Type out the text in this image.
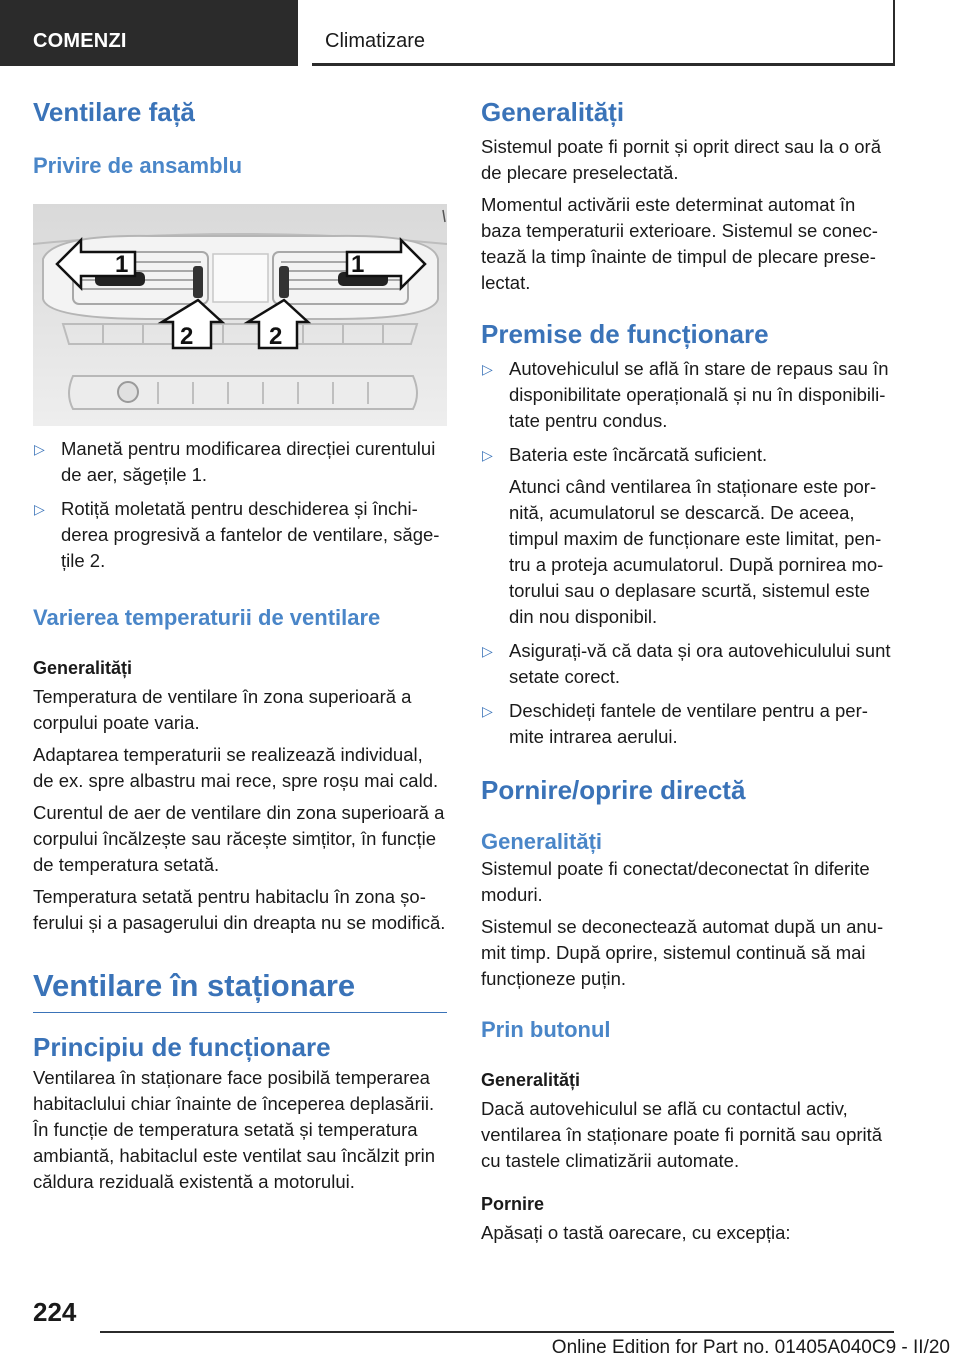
COMENZI	Climatizare
Ventilare față
Privire de ansamblu
1	1
2	2
▷ Manetă pentru modificarea direcției curentului de aer, săgețile 1.
▷ Rotiță moletată pentru deschiderea și închiderea progresivă a fantelor de ventilare, săgețile 2.
Varierea temperaturii de ventilare
Generalități

Temperatura de ventilare în zona superioară a corpului poate varia.

Adaptarea temperaturii se realizează individual, de ex. spre albastru mai rece, spre roșu mai cald.

Curentul de aer de ventilare din zona superioară a corpului încălzește sau răcește simțitor, în funcție de temperatura setată.

Temperatura setată pentru habitaclu în zona șoferului și a pasagerului din dreapta nu se modifică.

Ventilare în staționare
Principiu de funcționare

Ventilarea în staționare face posibilă temperarea habitaclului chiar înainte de începerea deplasării. În funcție de temperatura setată și temperatura ambiantă, habitaclul este ventilat sau încălzit prin căldura reziduală existentă a motorului.

Generalități

Sistemul poate fi pornit și oprit direct sau la o oră de plecare preselectată.

Momentul activării este determinat automat în baza temperaturii exterioare. Sistemul se conectează la timp înainte de timpul de plecare preselectat.

Premise de funcționare
▷ Autovehiculul se află în stare de repaus sau în disponibilitate operațională și nu în disponibilitate pentru condus.
▷ Bateria este încărcată suficient.

Atunci când ventilarea în staționare este pornită, acumulatorul se descarcă. De aceea, timpul maxim de funcționare este limitat, pentru a proteja acumulatorul. După pornirea motorului sau o deplasare scurtă, sistemul este din nou disponibil.

▷ Asigurați-vă că data și ora autovehiculului sunt setate corect.
▷ Deschideți fantele de ventilare pentru a permite intrarea aerului.
Pornire/oprire directă
Generalități

Sistemul poate fi conectat/deconectat în diferite moduri.

Sistemul se deconectează automat după un anumit timp. După oprire, sistemul continuă să mai funcționeze puțin.

Prin butonul
Generalități

Dacă autovehiculul se află cu contactul activ, ventilarea în staționare poate fi pornită sau oprită cu tastele climatizării automate.

Pornire

Apăsați o tastă oarecare, cu excepția:

224
Online Edition for Part no. 01405A040C9 - II/20
